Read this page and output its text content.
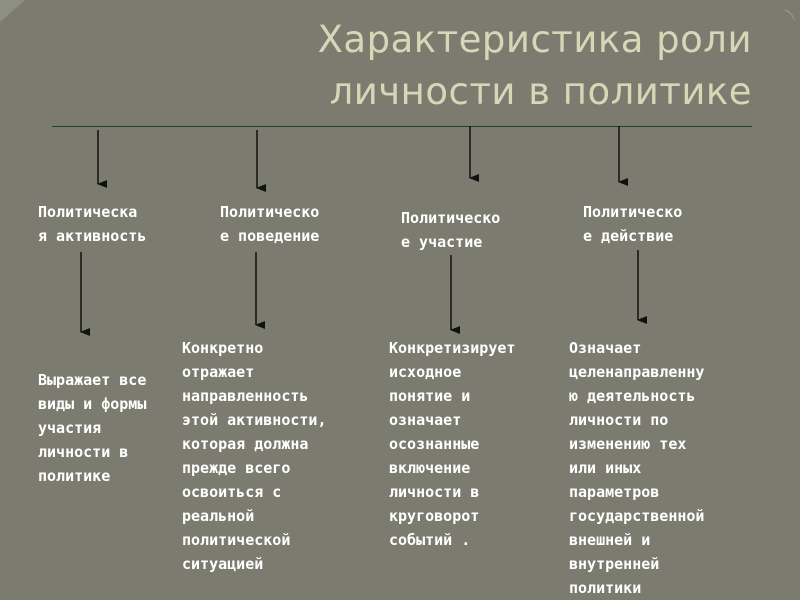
Характеристика роли
личности в политике
Политическа
я активность
Политическо
е поведение
Политическо
е участие
Политическо
е действие
Выражает все
виды и формы
участия
личности в
политике
Конкретно
отражает
направленность
этой активности,
которая должна
прежде всего
освоиться с
реальной
политической
ситуацией
Конкретизирует
исходное
понятие и
означает
осознанные
включение
личности в
круговорот
событий .
Означает
целенаправленну
ю деятельность
личности по
изменению тех
или иных
параметров
государственной
внешней и
внутренней
политики
